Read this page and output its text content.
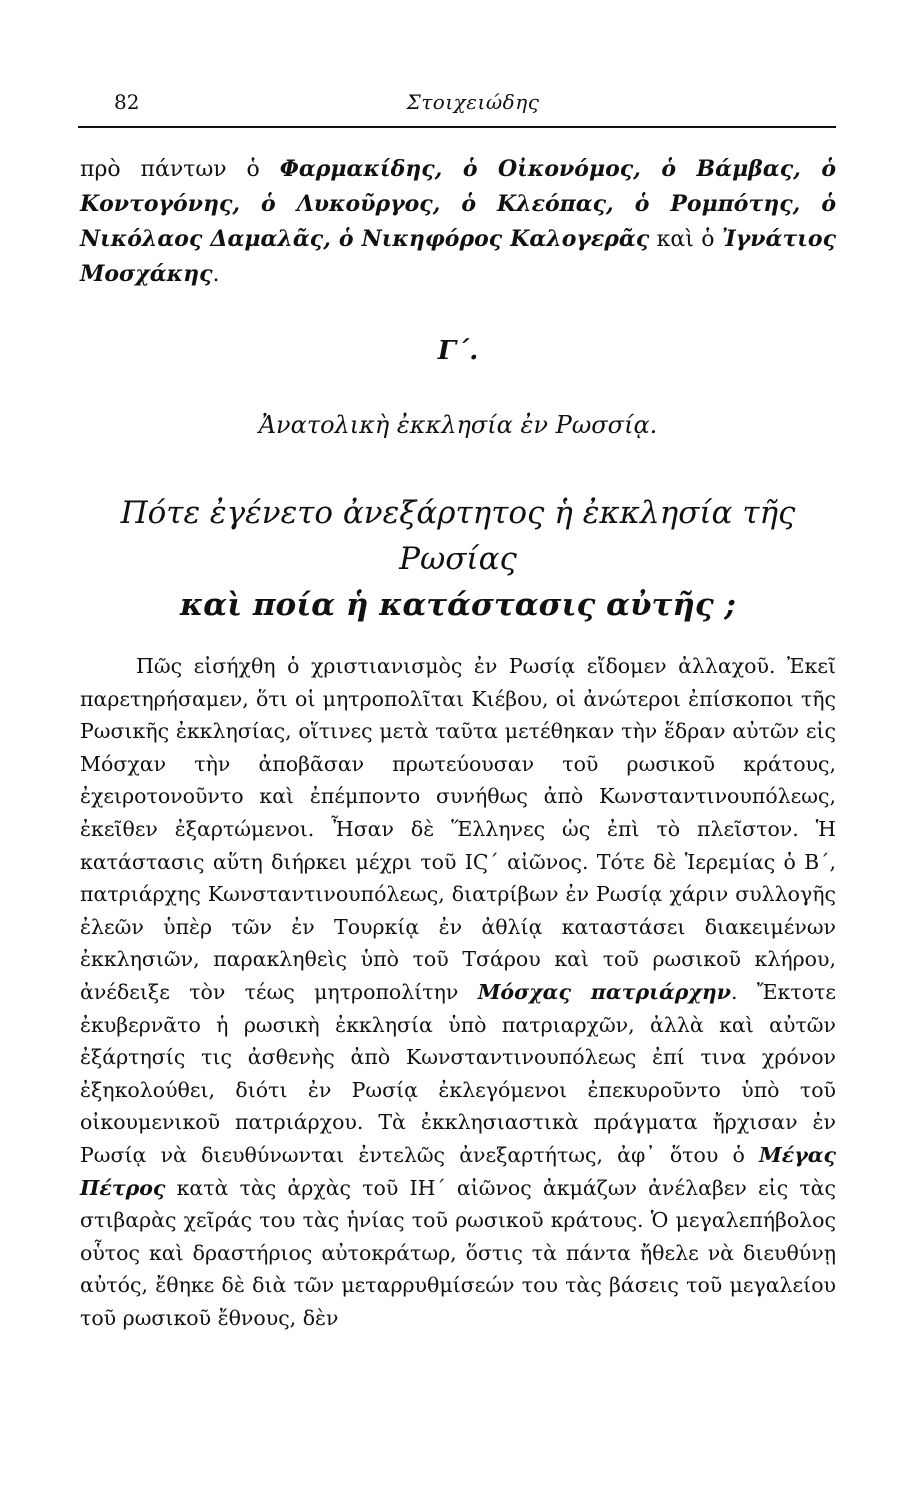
82	Στοιχειώδης

πρὸ πάντων ὁ Φαρμακίδης, ὁ Οἰκονόμος, ὁ Βάμβας, ὁ Κοντογόνης, ὁ Λυκοῦργος, ὁ Κλεόπας, ὁ Ρομπότης, ὁ Νικόλαος Δαμαλᾶς, ὁ Νικηφόρος Καλογερᾶς καὶ ὁ Ἰγνάτιος Μοσχάκης.

Γ΄.
Ἀνατολικὴ ἐκκλησία ἐν Ρωσσίᾳ.
Πότε ἐγένετο ἀνεξάρτητος ἡ ἐκκλησία τῆς Ρωσίας
καὶ ποία ἡ κατάστασις αὐτῆς ;

Πῶς εἰσήχθη ὁ χριστιανισμὸς ἐν Ρωσίᾳ εἴδομεν ἀλλαχοῦ. Ἐκεῖ παρετηρήσαμεν, ὅτι οἱ μητροπολῖται Κιέβου, οἱ ἀνώτεροι ἐπίσκοποι τῆς Ρωσικῆς ἐκκλησίας, οἵτινες μετὰ ταῦτα μετέθηκαν τὴν ἕδραν αὐτῶν εἰς Μόσχαν τὴν ἀποβᾶσαν πρωτεύουσαν τοῦ ρωσικοῦ κράτους, ἐχειροτονοῦντο καὶ ἐπέμποντο συνήθως ἀπὸ Κωνσταντινουπόλεως, ἐκεῖθεν ἐξαρτώμενοι. Ἦσαν δὲ Ἕλληνες ὡς ἐπὶ τὸ πλεῖστον. Ἡ κατάστασις αὕτη διήρκει μέχρι τοῦ ΙϚ΄ αἰῶνος. Τότε δὲ Ἱερεμίας ὁ Β΄, πατριάρχης Κωνσταντινουπόλεως, διατρίβων ἐν Ρωσίᾳ χάριν συλλογῆς ἐλεῶν ὑπὲρ τῶν ἐν Τουρκίᾳ ἐν ἀθλίᾳ καταστάσει διακειμένων ἐκκλησιῶν, παρακληθεὶς ὑπὸ τοῦ Τσάρου καὶ τοῦ ρωσικοῦ κλήρου, ἀνέδειξε τὸν τέως μητροπολίτην Μόσχας πατριάρχην. Ἔκτοτε ἐκυβερνᾶτο ἡ ρωσικὴ ἐκκλησία ὑπὸ πατριαρχῶν, ἀλλὰ καὶ αὐτῶν ἐξάρτησίς τις ἀσθενὴς ἀπὸ Κωνσταντινουπόλεως ἐπί τινα χρόνον ἐξηκολούθει, διότι ἐν Ρωσίᾳ ἐκλεγόμενοι ἐπεκυροῦντο ὑπὸ τοῦ οἰκουμενικοῦ πατριάρχου. Τὰ ἐκκλησιαστικὰ πράγματα ἤρχισαν ἐν Ρωσίᾳ νὰ διευθύνωνται ἐντελῶς ἀνεξαρτήτως, ἀφ᾽ ὅτου ὁ Μέγας Πέτρος κατὰ τὰς ἀρχὰς τοῦ ΙΗ΄ αἰῶνος ἀκμάζων ἀνέλαβεν εἰς τὰς στιβαρὰς χεῖράς του τὰς ἡνίας τοῦ ρωσικοῦ κράτους. Ὁ μεγαλεπήβολος οὗτος καὶ δραστήριος αὐτοκράτωρ, ὅστις τὰ πάντα ἤθελε νὰ διευθύνῃ αὐτός, ἔθηκε δὲ διὰ τῶν μεταρρυθμίσεών του τὰς βάσεις τοῦ μεγαλείου τοῦ ρωσικοῦ ἔθνους, δὲν
